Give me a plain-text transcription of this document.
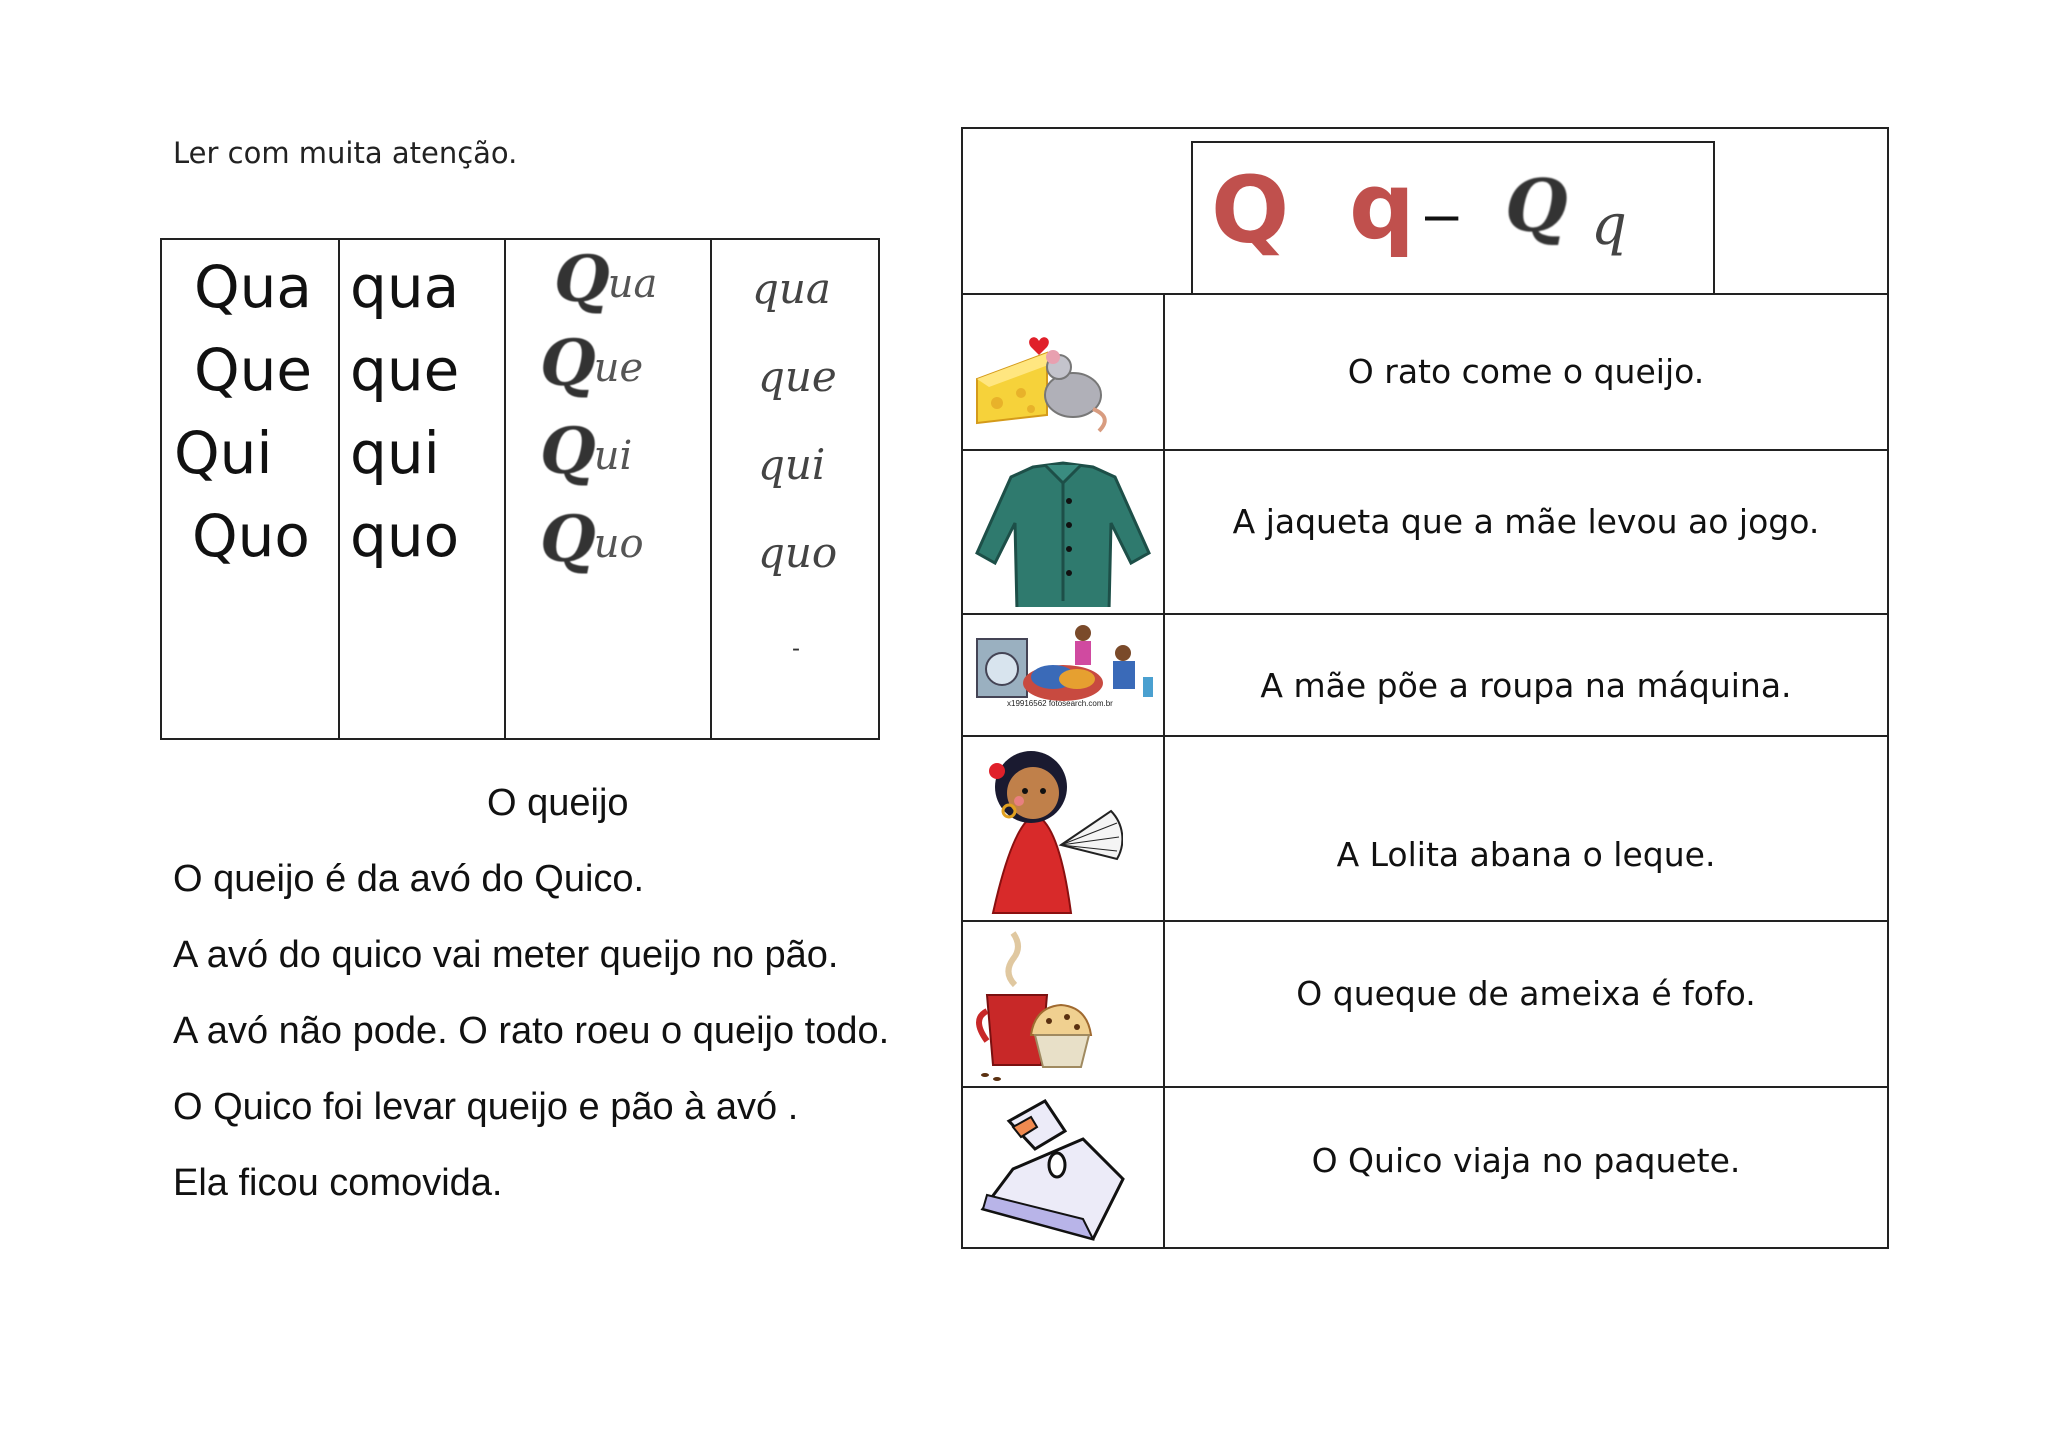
Ler com muita atenção.
Qua
Que
Qui
Quo
qua
que
qui
quo
Qua
Que
Qui
Quo
qua
que
qui
quo
-
O queijo
O queijo é da avó do Quico.
A avó do quico vai meter queijo no pão.
A avó não pode. O rato roeu o queijo todo.
O Quico foi levar queijo e pão à avó .
Ela ficou comovida.
Q q – Q q
O rato come o queijo.
A jaqueta que a mãe levou ao jogo.
x19916562 fotosearch.com.br	A mãe põe a roupa na máquina.
A Lolita abana o leque.
O queque de ameixa é fofo.
O Quico viaja no paquete.
